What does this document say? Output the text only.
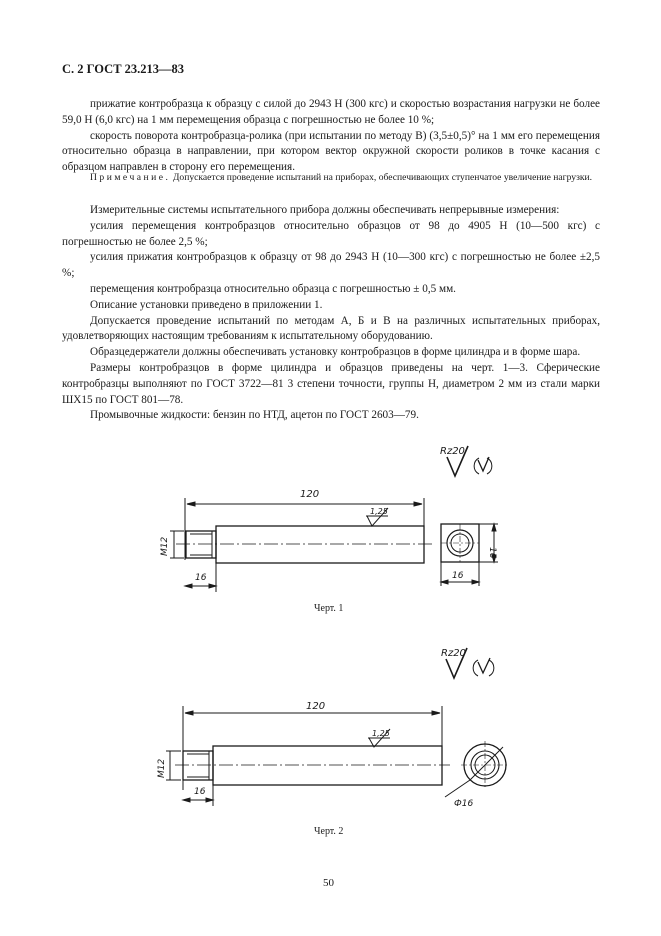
С. 2 ГОСТ 23.213—83

прижатие контробразца к образцу с силой до 2943 Н (300 кгс) и скоростью возрастания нагрузки не более 59,0 Н (6,0 кгс) на 1 мм перемещения образца с погрешностью не более 10 %;

скорость поворота контробразца-ролика (при испытании по методу В) (3,5±0,5)° на 1 мм его перемещения относительно образца в направлении, при котором вектор окружной скорости роликов в точке касания с образцом направлен в сторону его перемещения.

Примечание. Допускается проведение испытаний на приборах, обеспечивающих ступенчатое увеличение нагрузки.

Измерительные системы испытательного прибора должны обеспечивать непрерывные измерения:

усилия перемещения контробразцов относительно образцов от 98 до 4905 Н (10—500 кгс) с погрешностью не более 2,5 %;

усилия прижатия контробразцов к образцу от 98 до 2943 Н (10—300 кгс) с погрешностью не более ±2,5 %;

перемещения контробразца относительно образца с погрешностью ± 0,5 мм.

Описание установки приведено в приложении 1.

Допускается проведение испытаний по методам А, Б и В на различных испытательных приборах, удовлетворяющих настоящим требованиям к испытательному оборудованию.

Образцедержатели должны обеспечивать установку контробразцов в форме цилиндра и в форме шара.

Размеры контробразцов в форме цилиндра и образцов приведены на черт. 1—3. Сферические контробразцы выполняют по ГОСТ 3722—81 3 степени точности, группы Н, диаметром 2 мм из стали марки ШХ15 по ГОСТ 801—78.

Промывочные жидкости: бензин по НТД, ацетон по ГОСТ 2603—79.

Rz20
120
M12
16
1,25
16
16
Rz20
120
M12
16
1,25
Ф16
Черт. 1
Черт. 2
50
